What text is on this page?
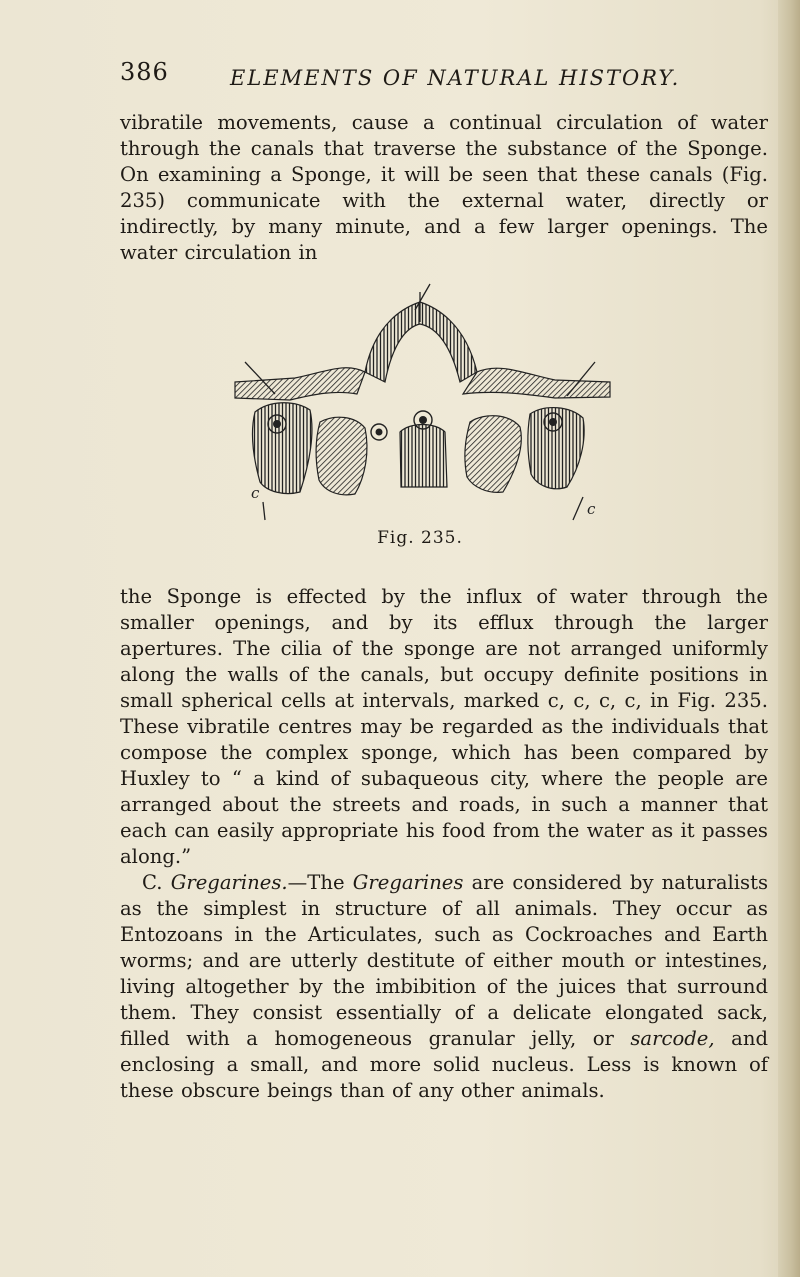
386	ELEMENTS OF NATURAL HISTORY.
vibratile movements, cause a continual circulation of water through the canals that traverse the substance of the Sponge. On examining a Sponge, it will be seen that these canals (Fig. 235) communicate with the external water, directly or indirectly, by many minute, and a few larger openings. The water circulation in
c
c
Fig. 235.
the Sponge is effected by the influx of water through the smaller openings, and by its efflux through the larger apertures. The cilia of the sponge are not arranged uniformly along the walls of the canals, but occupy definite positions in small spherical cells at intervals, marked c, c, c, c, in Fig. 235. These vibratile centres may be regarded as the individuals that compose the complex sponge, which has been compared by Huxley to “ a kind of subaqueous city, where the people are arranged about the streets and roads, in such a manner that each can easily appropriate his food from the water as it passes along.”
C. Gregarines.—The Gregarines are considered by naturalists as the simplest in structure of all animals. They occur as Entozoans in the Articulates, such as Cockroaches and Earth worms; and are utterly destitute of either mouth or intestines, living altogether by the imbibition of the juices that surround them. They consist essentially of a delicate elongated sack, filled with a homogeneous granular jelly, or sarcode, and enclosing a small, and more solid nucleus. Less is known of these obscure beings than of any other animals.
